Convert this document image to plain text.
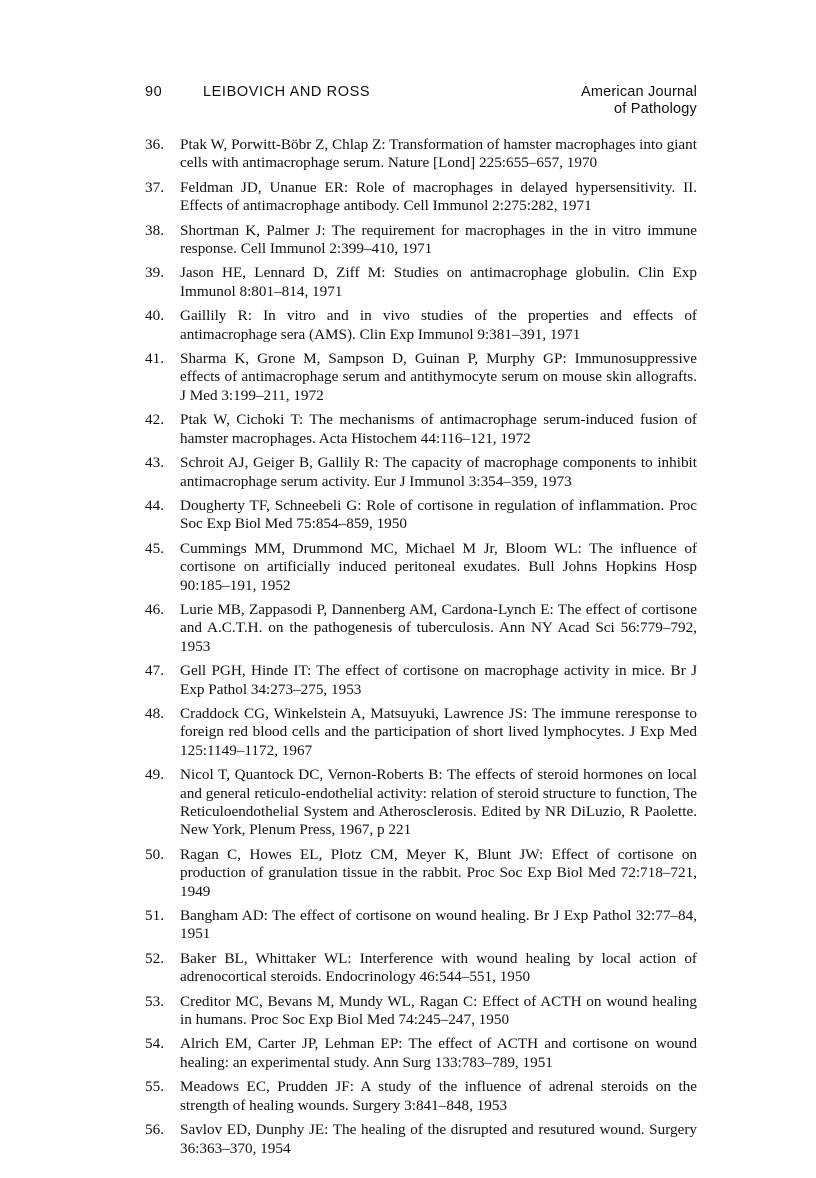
90	LEIBOVICH AND ROSS	American Journal
of Pathology
36. Ptak W, Porwitt-Böbr Z, Chlap Z: Transformation of hamster macrophages into giant cells with antimacrophage serum. Nature [Lond] 225:655–657, 1970
37. Feldman JD, Unanue ER: Role of macrophages in delayed hypersensitivity. II. Effects of antimacrophage antibody. Cell Immunol 2:275:282, 1971
38. Shortman K, Palmer J: The requirement for macrophages in the in vitro immune response. Cell Immunol 2:399–410, 1971
39. Jason HE, Lennard D, Ziff M: Studies on antimacrophage globulin. Clin Exp Immunol 8:801–814, 1971
40. Gaillily R: In vitro and in vivo studies of the properties and effects of antimacrophage sera (AMS). Clin Exp Immunol 9:381–391, 1971
41. Sharma K, Grone M, Sampson D, Guinan P, Murphy GP: Immunosuppressive effects of antimacrophage serum and antithymocyte serum on mouse skin allografts. J Med 3:199–211, 1972
42. Ptak W, Cichoki T: The mechanisms of antimacrophage serum-induced fusion of hamster macrophages. Acta Histochem 44:116–121, 1972
43. Schroit AJ, Geiger B, Gallily R: The capacity of macrophage components to inhibit antimacrophage serum activity. Eur J Immunol 3:354–359, 1973
44. Dougherty TF, Schneebeli G: Role of cortisone in regulation of inflammation. Proc Soc Exp Biol Med 75:854–859, 1950
45. Cummings MM, Drummond MC, Michael M Jr, Bloom WL: The influence of cortisone on artificially induced peritoneal exudates. Bull Johns Hopkins Hosp 90:185–191, 1952
46. Lurie MB, Zappasodi P, Dannenberg AM, Cardona-Lynch E: The effect of cortisone and A.C.T.H. on the pathogenesis of tuberculosis. Ann NY Acad Sci 56:779–792, 1953
47. Gell PGH, Hinde IT: The effect of cortisone on macrophage activity in mice. Br J Exp Pathol 34:273–275, 1953
48. Craddock CG, Winkelstein A, Matsuyuki, Lawrence JS: The immune reresponse to foreign red blood cells and the participation of short lived lymphocytes. J Exp Med 125:1149–1172, 1967
49. Nicol T, Quantock DC, Vernon-Roberts B: The effects of steroid hormones on local and general reticulo-endothelial activity: relation of steroid structure to function, The Reticuloendothelial System and Atherosclerosis. Edited by NR DiLuzio, R Paolette. New York, Plenum Press, 1967, p 221
50. Ragan C, Howes EL, Plotz CM, Meyer K, Blunt JW: Effect of cortisone on production of granulation tissue in the rabbit. Proc Soc Exp Biol Med 72:718–721, 1949
51. Bangham AD: The effect of cortisone on wound healing. Br J Exp Pathol 32:77–84, 1951
52. Baker BL, Whittaker WL: Interference with wound healing by local action of adrenocortical steroids. Endocrinology 46:544–551, 1950
53. Creditor MC, Bevans M, Mundy WL, Ragan C: Effect of ACTH on wound healing in humans. Proc Soc Exp Biol Med 74:245–247, 1950
54. Alrich EM, Carter JP, Lehman EP: The effect of ACTH and cortisone on wound healing: an experimental study. Ann Surg 133:783–789, 1951
55. Meadows EC, Prudden JF: A study of the influence of adrenal steroids on the strength of healing wounds. Surgery 3:841–848, 1953
56. Savlov ED, Dunphy JE: The healing of the disrupted and resutured wound. Surgery 36:363–370, 1954
